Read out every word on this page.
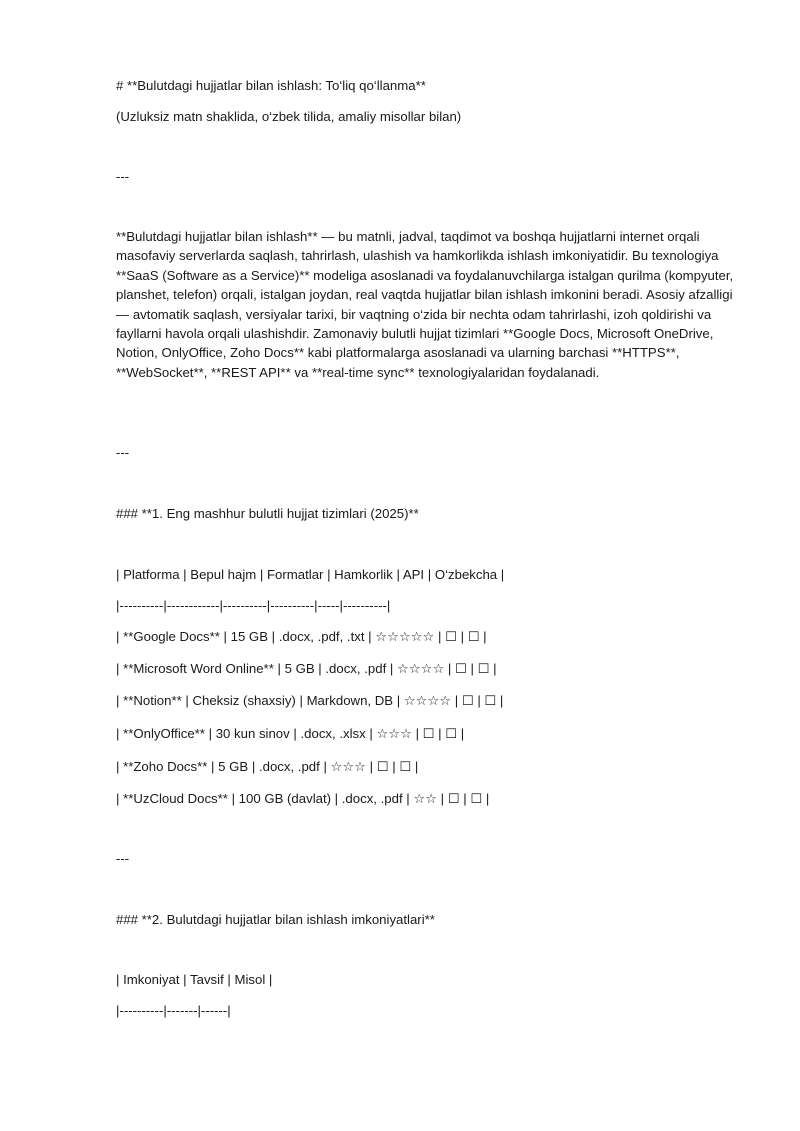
# **Bulutdagi hujjatlar bilan ishlash: To‘liq qo‘llanma**
(Uzluksiz matn shaklida, o‘zbek tilida, amaliy misollar bilan)
---
**Bulutdagi hujjatlar bilan ishlash** — bu matnli, jadval, taqdimot va boshqa hujjatlarni internet orqali masofaviy serverlarda saqlash, tahrirlash, ulashish va hamkorlikda ishlash imkoniyatidir. Bu texnologiya **SaaS (Software as a Service)** modeliga asoslanadi va foydalanuvchilarga istalgan qurilma (kompyuter, planshet, telefon) orqali, istalgan joydan, real vaqtda hujjatlar bilan ishlash imkonini beradi. Asosiy afzalligi — avtomatik saqlash, versiyalar tarixi, bir vaqtning o‘zida bir nechta odam tahrirlashi, izoh qoldirishi va fayllarni havola orqali ulashishdir. Zamonaviy bulutli hujjat tizimlari **Google Docs, Microsoft OneDrive, Notion, OnlyOffice, Zoho Docs** kabi platformalarga asoslanadi va ularning barchasi **HTTPS**, **WebSocket**, **REST API** va **real-time sync** texnologiyalaridan foydalanadi.
---
### **1. Eng mashhur bulutli hujjat tizimlari (2025)**
| Platforma | Bepul hajm | Formatlar | Hamkorlik | API | O‘zbekcha |
|----------|------------|----------|----------|-----|----------|
| **Google Docs** | 15 GB | .docx, .pdf, .txt | ☆☆☆☆☆ | ☐ | ☐ |
| **Microsoft Word Online** | 5 GB | .docx, .pdf | ☆☆☆☆ | ☐ | ☐ |
| **Notion** | Cheksiz (shaxsiy) | Markdown, DB | ☆☆☆☆ | ☐ | ☐ |
| **OnlyOffice** | 30 kun sinov | .docx, .xlsx | ☆☆☆ | ☐ | ☐ |
| **Zoho Docs** | 5 GB | .docx, .pdf | ☆☆☆ | ☐ | ☐ |
| **UzCloud Docs** | 100 GB (davlat) | .docx, .pdf | ☆☆ | ☐ | ☐ |
---
### **2. Bulutdagi hujjatlar bilan ishlash imkoniyatlari**
| Imkoniyat | Tavsif | Misol |
|----------|-------|------|
